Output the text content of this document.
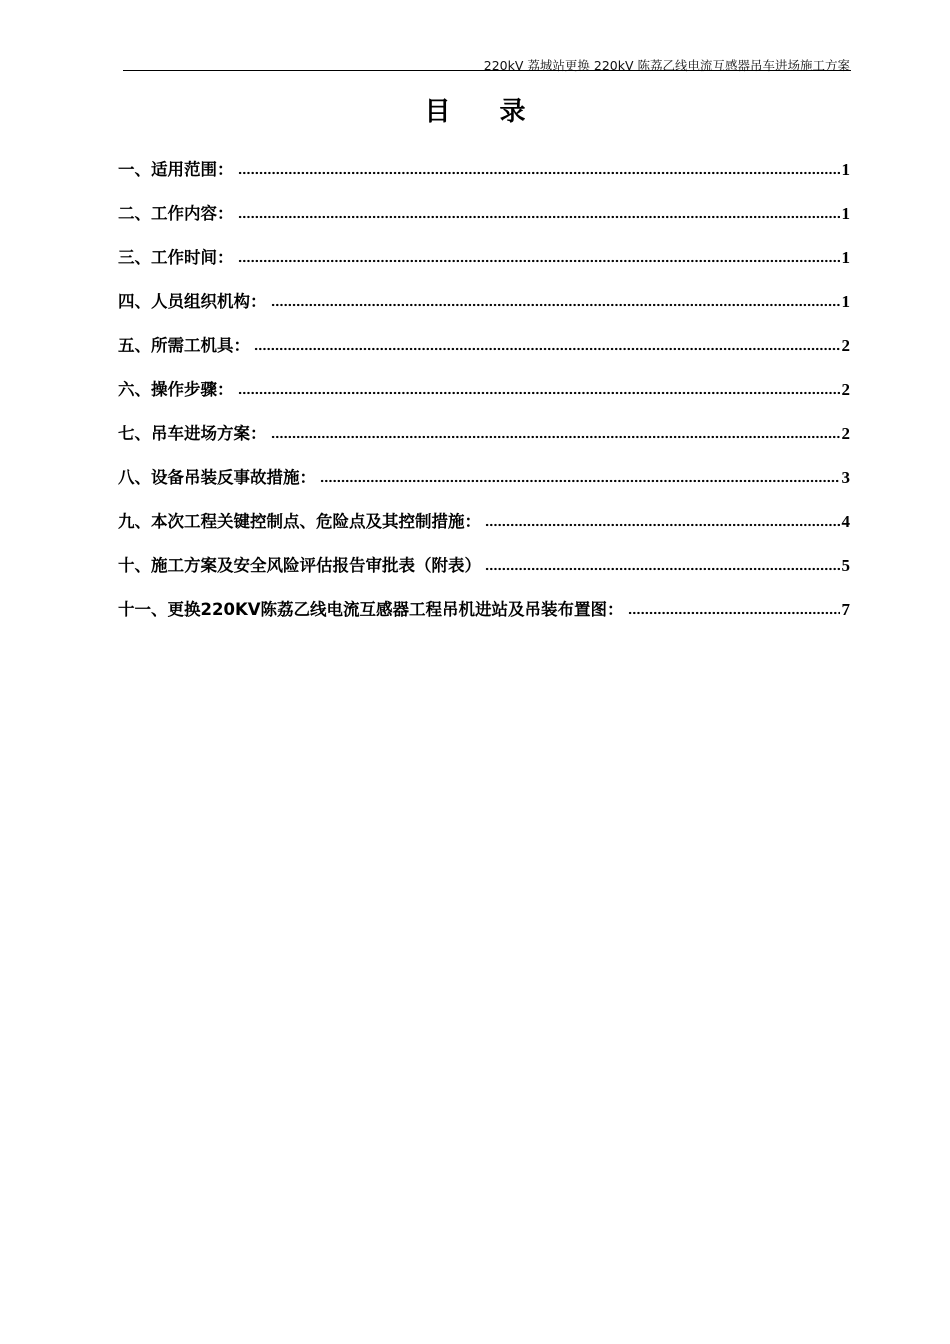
220kV 荔城站更换 220kV 陈荔乙线电流互感器吊车进场施工方案
目 录
一、适用范围：	1
二、工作内容：	1
三、工作时间：	1
四、人员组织机构：	1
五、所需工机具：	2
六、操作步骤：	2
七、吊车进场方案：	2
八、设备吊装反事故措施：	3
九、本次工程关键控制点、危险点及其控制措施：	4
十、施工方案及安全风险评估报告审批表（附表）	5
十一、更换220KV陈荔乙线电流互感器工程吊机进站及吊装布置图：	7
